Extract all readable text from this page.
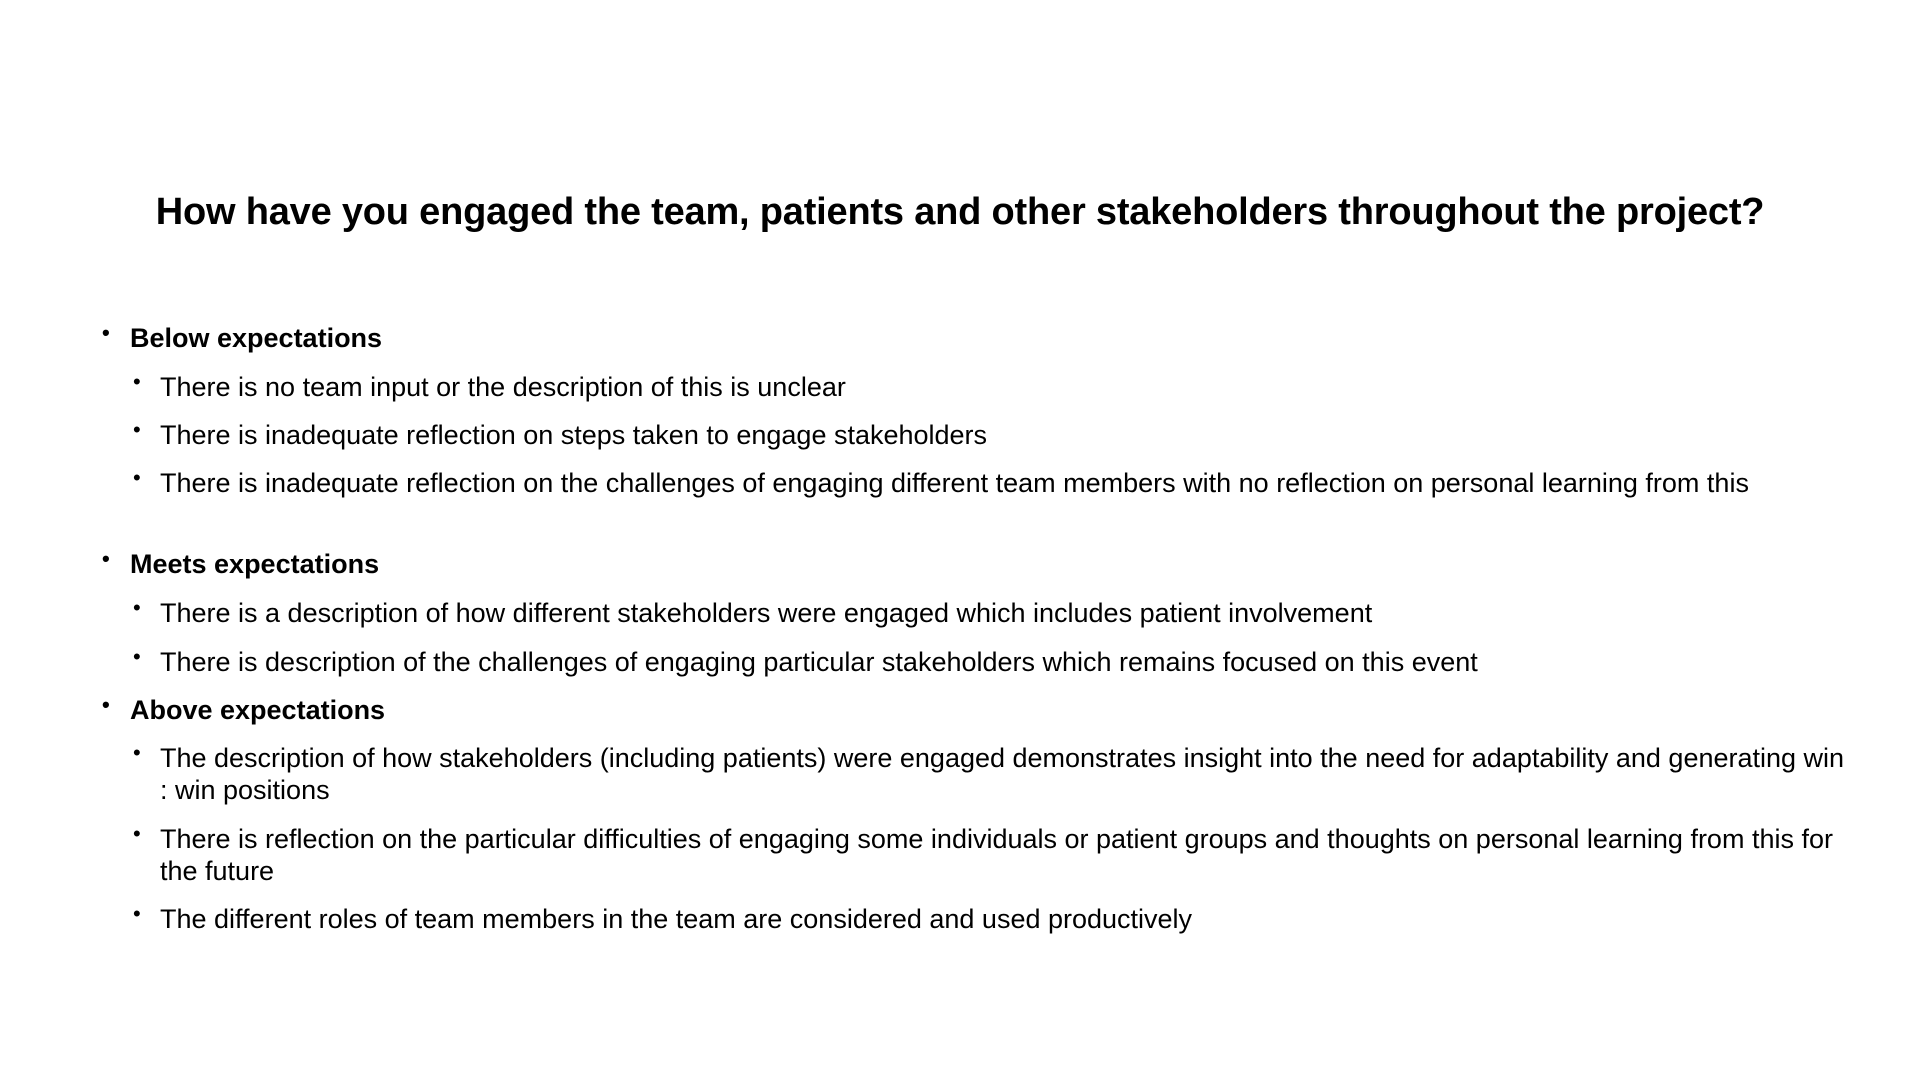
How have you engaged the team, patients and other stakeholders throughout the project?
• Below expectations
• There is no team input or the description of this is unclear
• There is inadequate reflection on steps taken to engage stakeholders
• There is inadequate reflection on the challenges of engaging different team members with no reflection on personal learning from this
• Meets expectations
• There is a description of how different stakeholders were engaged which includes patient involvement
• There is description of the challenges of engaging particular stakeholders which remains focused on this event
• Above expectations
• The description of how stakeholders (including patients) were engaged demonstrates insight into the need for adaptability and generating win : win positions
• There is reflection on the particular difficulties of engaging some individuals or patient groups and thoughts on personal learning from this for the future
• The different roles of team members in the team are considered and used productively
